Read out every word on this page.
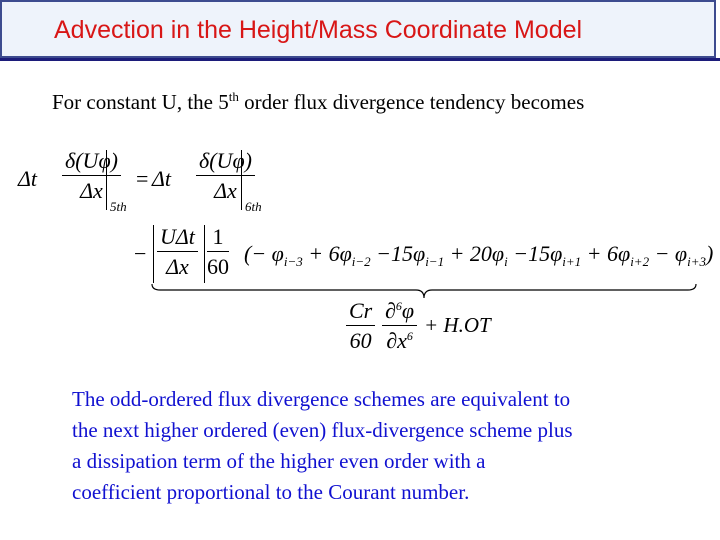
Advection in the Height/Mass Coordinate Model
For constant U, the 5th order flux divergence tendency becomes
Δt $\frac{\delta(U\varphi)}{\Delta x}$
5th
= Δt $\frac{\delta(U\varphi)}{\Delta x}$
6th
−
UΔt
Δx $\frac{1}{60}$ (− $\varphi_{i-3} + 6\varphi_{i-2} -15\varphi_{i-1} + 20\varphi_i -15\varphi_{i+1} + 6\varphi_{i+2} - \varphi_{i+3}$)
$\frac{Cr}{60} \frac{\partial^6\varphi}{\partial x^6} + H.OT$
The odd-ordered flux divergence schemes are equivalent to
the next higher ordered (even) flux-divergence scheme plus
a dissipation term of the higher even order with a
coefficient proportional to the Courant number.
